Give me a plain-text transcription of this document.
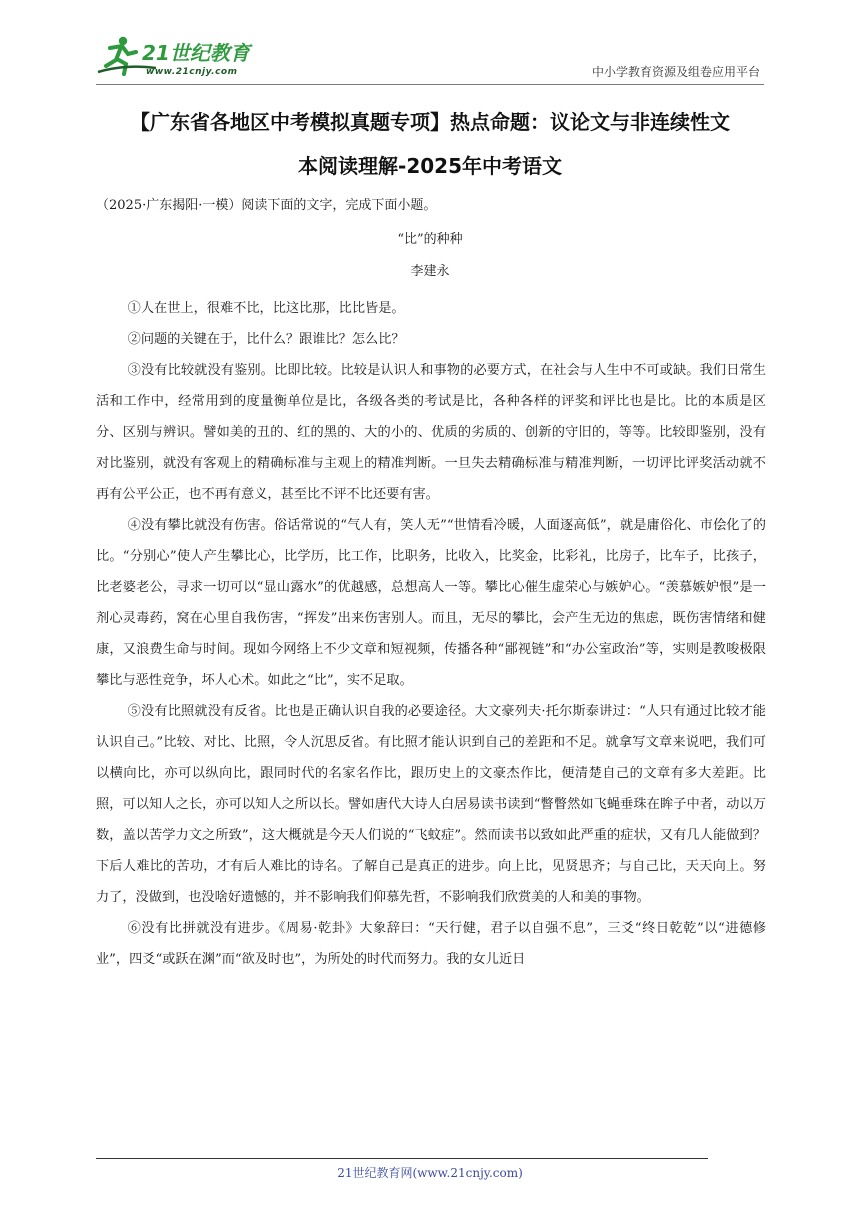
21世纪教育
www.21cnjy.com	中小学教育资源及组卷应用平台
【广东省各地区中考模拟真题专项】热点命题：议论文与非连续性文
本阅读理解-2025年中考语文
（2025·广东揭阳·一模）阅读下面的文字，完成下面小题。
“比”的种种
李建永

①人在世上，很难不比，比这比那，比比皆是。

②问题的关键在于，比什么？跟谁比？怎么比？

③没有比较就没有鉴别。比即比较。比较是认识人和事物的必要方式，在社会与人生中不可或缺。我们日常生活和工作中，经常用到的度量衡单位是比，各级各类的考试是比，各种各样的评奖和评比也是比。比的本质是区分、区别与辨识。譬如美的丑的、红的黑的、大的小的、优质的劣质的、创新的守旧的，等等。比较即鉴别，没有对比鉴别，就没有客观上的精确标准与主观上的精准判断。一旦失去精确标准与精准判断，一切评比评奖活动就不再有公平公正，也不再有意义，甚至比不评不比还要有害。

④没有攀比就没有伤害。俗话常说的“气人有，笑人无”“世情看冷暖，人面逐高低”，就是庸俗化、市侩化了的比。“分别心”使人产生攀比心，比学历，比工作，比职务，比收入，比奖金，比彩礼，比房子，比车子，比孩子，比老婆老公，寻求一切可以“显山露水”的优越感，总想高人一等。攀比心催生虚荣心与嫉妒心。“羡慕嫉妒恨”是一剂心灵毒药，窝在心里自我伤害，“挥发”出来伤害别人。而且，无尽的攀比，会产生无边的焦虑，既伤害情绪和健康，又浪费生命与时间。现如今网络上不少文章和短视频，传播各种“鄙视链”和“办公室政治”等，实则是教唆极限攀比与恶性竞争，坏人心术。如此之“比”，实不足取。

⑤没有比照就没有反省。比也是正确认识自我的必要途径。大文豪列夫·托尔斯泰讲过：“人只有通过比较才能认识自己。”比较、对比、比照，令人沉思反省。有比照才能认识到自己的差距和不足。就拿写文章来说吧，我们可以横向比，亦可以纵向比，跟同时代的名家名作比，跟历史上的文豪杰作比，便清楚自己的文章有多大差距。比照，可以知人之长，亦可以知人之所以长。譬如唐代大诗人白居易读书读到“瞥瞥然如飞蝇垂珠在眸子中者，动以万数，盖以苦学力文之所致”，这大概就是今天人们说的“飞蚊症”。然而读书以致如此严重的症状，又有几人能做到？下后人难比的苦功，才有后人难比的诗名。了解自己是真正的进步。向上比，见贤思齐；与自己比，天天向上。努力了，没做到，也没啥好遗憾的，并不影响我们仰慕先哲，不影响我们欣赏美的人和美的事物。

⑥没有比拼就没有进步。《周易·乾卦》大象辞曰：“天行健，君子以自强不息”，三爻“终日乾乾”以“进德修业”，四爻“或跃在渊”而“欲及时也”，为所处的时代而努力。我的女儿近日

21世纪教育网(www.21cnjy.com)
